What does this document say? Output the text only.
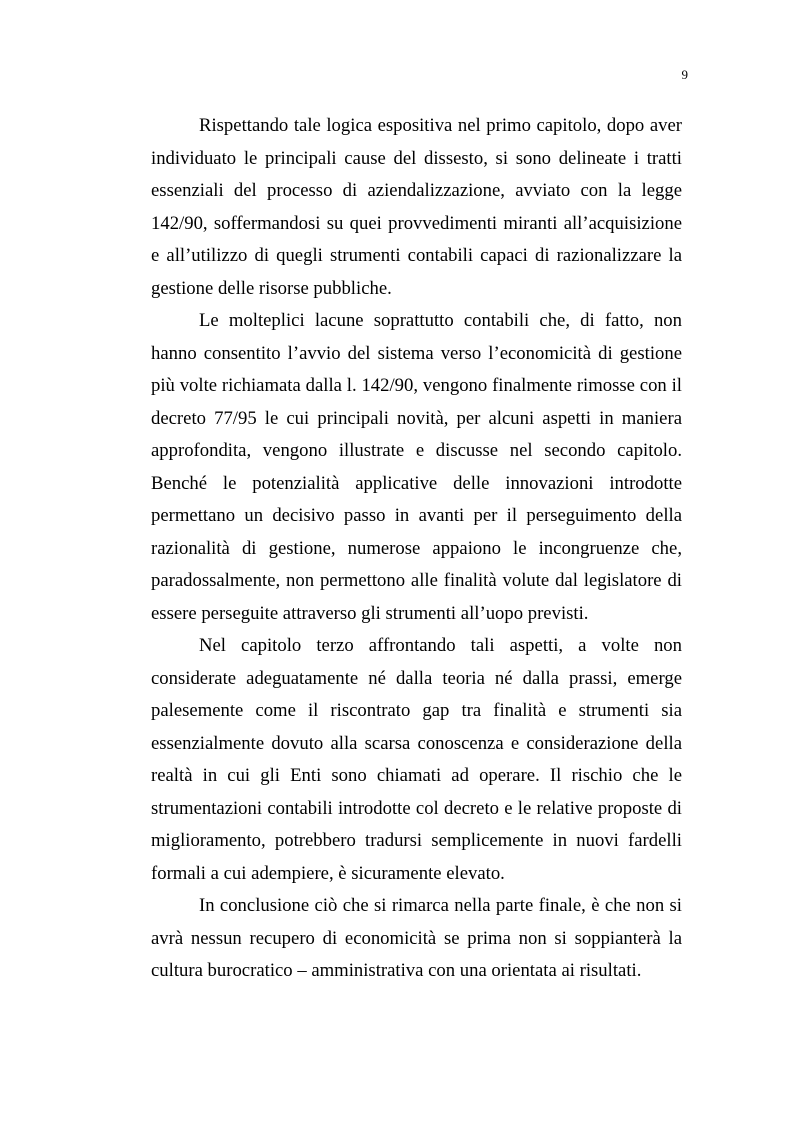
9

Rispettando tale logica espositiva nel primo capitolo, dopo aver individuato le principali cause del dissesto, si sono delineate i tratti essenziali del processo di aziendalizzazione, avviato con la legge 142/90, soffermandosi su quei provvedimenti miranti all’acquisizione e all’utilizzo di quegli strumenti contabili capaci di razionalizzare la gestione delle risorse pubbliche.

Le molteplici lacune soprattutto contabili che, di fatto, non hanno consentito l’avvio del sistema verso l’economicità di gestione più volte richiamata dalla l. 142/90, vengono finalmente rimosse con il decreto 77/95 le cui principali novità, per alcuni aspetti in maniera approfondita, vengono illustrate e discusse nel secondo capitolo. Benché le potenzialità applicative delle innovazioni introdotte permettano un decisivo passo in avanti per il perseguimento della razionalità di gestione, numerose appaiono le incongruenze che, paradossalmente, non permettono alle finalità volute dal legislatore di essere perseguite attraverso gli strumenti all’uopo previsti.

Nel capitolo terzo affrontando tali aspetti, a volte non considerate adeguatamente né dalla teoria né dalla prassi, emerge palesemente come il riscontrato gap tra finalità e strumenti sia essenzialmente dovuto alla scarsa conoscenza e considerazione della realtà in cui gli Enti sono chiamati ad operare. Il rischio che le strumentazioni contabili introdotte col decreto e le relative proposte di miglioramento, potrebbero tradursi semplicemente in nuovi fardelli formali a cui adempiere, è sicuramente elevato.

In conclusione ciò che si rimarca nella parte finale, è che non si avrà nessun recupero di economicità se prima non si soppianterà la cultura burocratico – amministrativa con una orientata ai risultati.
